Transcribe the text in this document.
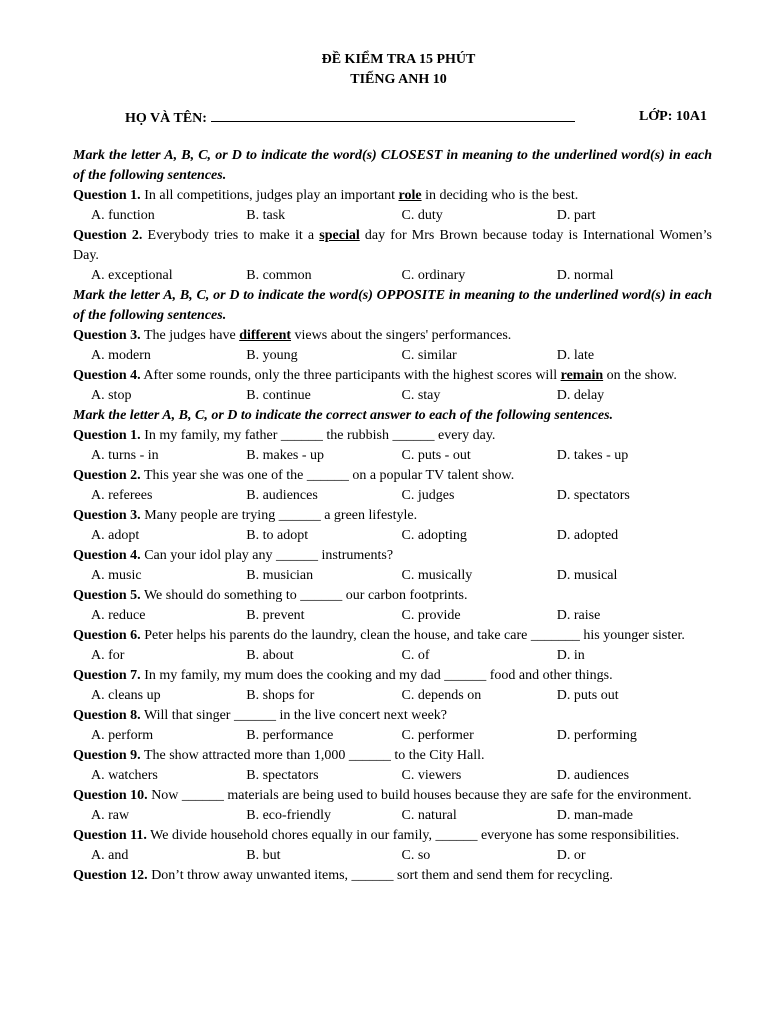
ĐỀ KIỂM TRA 15 PHÚT

TIẾNG ANH 10

HỌ VÀ TÊN:	LỚP: 10A1
Mark the letter A, B, C, or D to indicate the word(s) CLOSEST in meaning to the underlined word(s) in each of the following sentences.
Question 1. In all competitions, judges play an important role in deciding who is the best.
A. function	B. task	C. duty	D. part
Question 2. Everybody tries to make it a special day for Mrs Brown because today is International Women’s Day.
A. exceptional	B. common	C. ordinary	D. normal
Mark the letter A, B, C, or D to indicate the word(s) OPPOSITE in meaning to the underlined word(s) in each of the following sentences.
Question 3. The judges have different views about the singers' performances.
A. modern	B. young	C. similar	D. late
Question 4. After some rounds, only the three participants with the highest scores will remain on the show.
A. stop	B. continue	C. stay	D. delay
Mark the letter A, B, C, or D to indicate the correct answer to each of the following sentences.
Question 1. In my family, my father ______ the rubbish ______ every day.
A. turns - in	B. makes - up	C. puts - out	D. takes - up
Question 2. This year she was one of the ______ on a popular TV talent show.
A. referees	B. audiences	C. judges	D. spectators
Question 3. Many people are trying ______ a green lifestyle.
A. adopt	B. to adopt	C. adopting	D. adopted
Question 4. Can your idol play any ______ instruments?
A. music	B. musician	C. musically	D. musical
Question 5. We should do something to ______ our carbon footprints.
A. reduce	B. prevent	C. provide	D. raise
Question 6. Peter helps his parents do the laundry, clean the house, and take care _______ his younger sister.
A. for	B. about	C. of	D. in
Question 7. In my family, my mum does the cooking and my dad ______ food and other things.
A. cleans up	B. shops for	C. depends on	D. puts out
Question 8. Will that singer ______ in the live concert next week?
A. perform	B. performance	C. performer	D. performing
Question 9. The show attracted more than 1,000 ______ to the City Hall.
A. watchers	B. spectators	C. viewers	D. audiences
Question 10. Now ______ materials are being used to build houses because they are safe for the environment.
A. raw	B. eco-friendly	C. natural	D. man-made
Question 11. We divide household chores equally in our family, ______ everyone has some responsibilities.
A. and	B. but	C. so	D. or
Question 12. Don’t throw away unwanted items, ______ sort them and send them for recycling.
